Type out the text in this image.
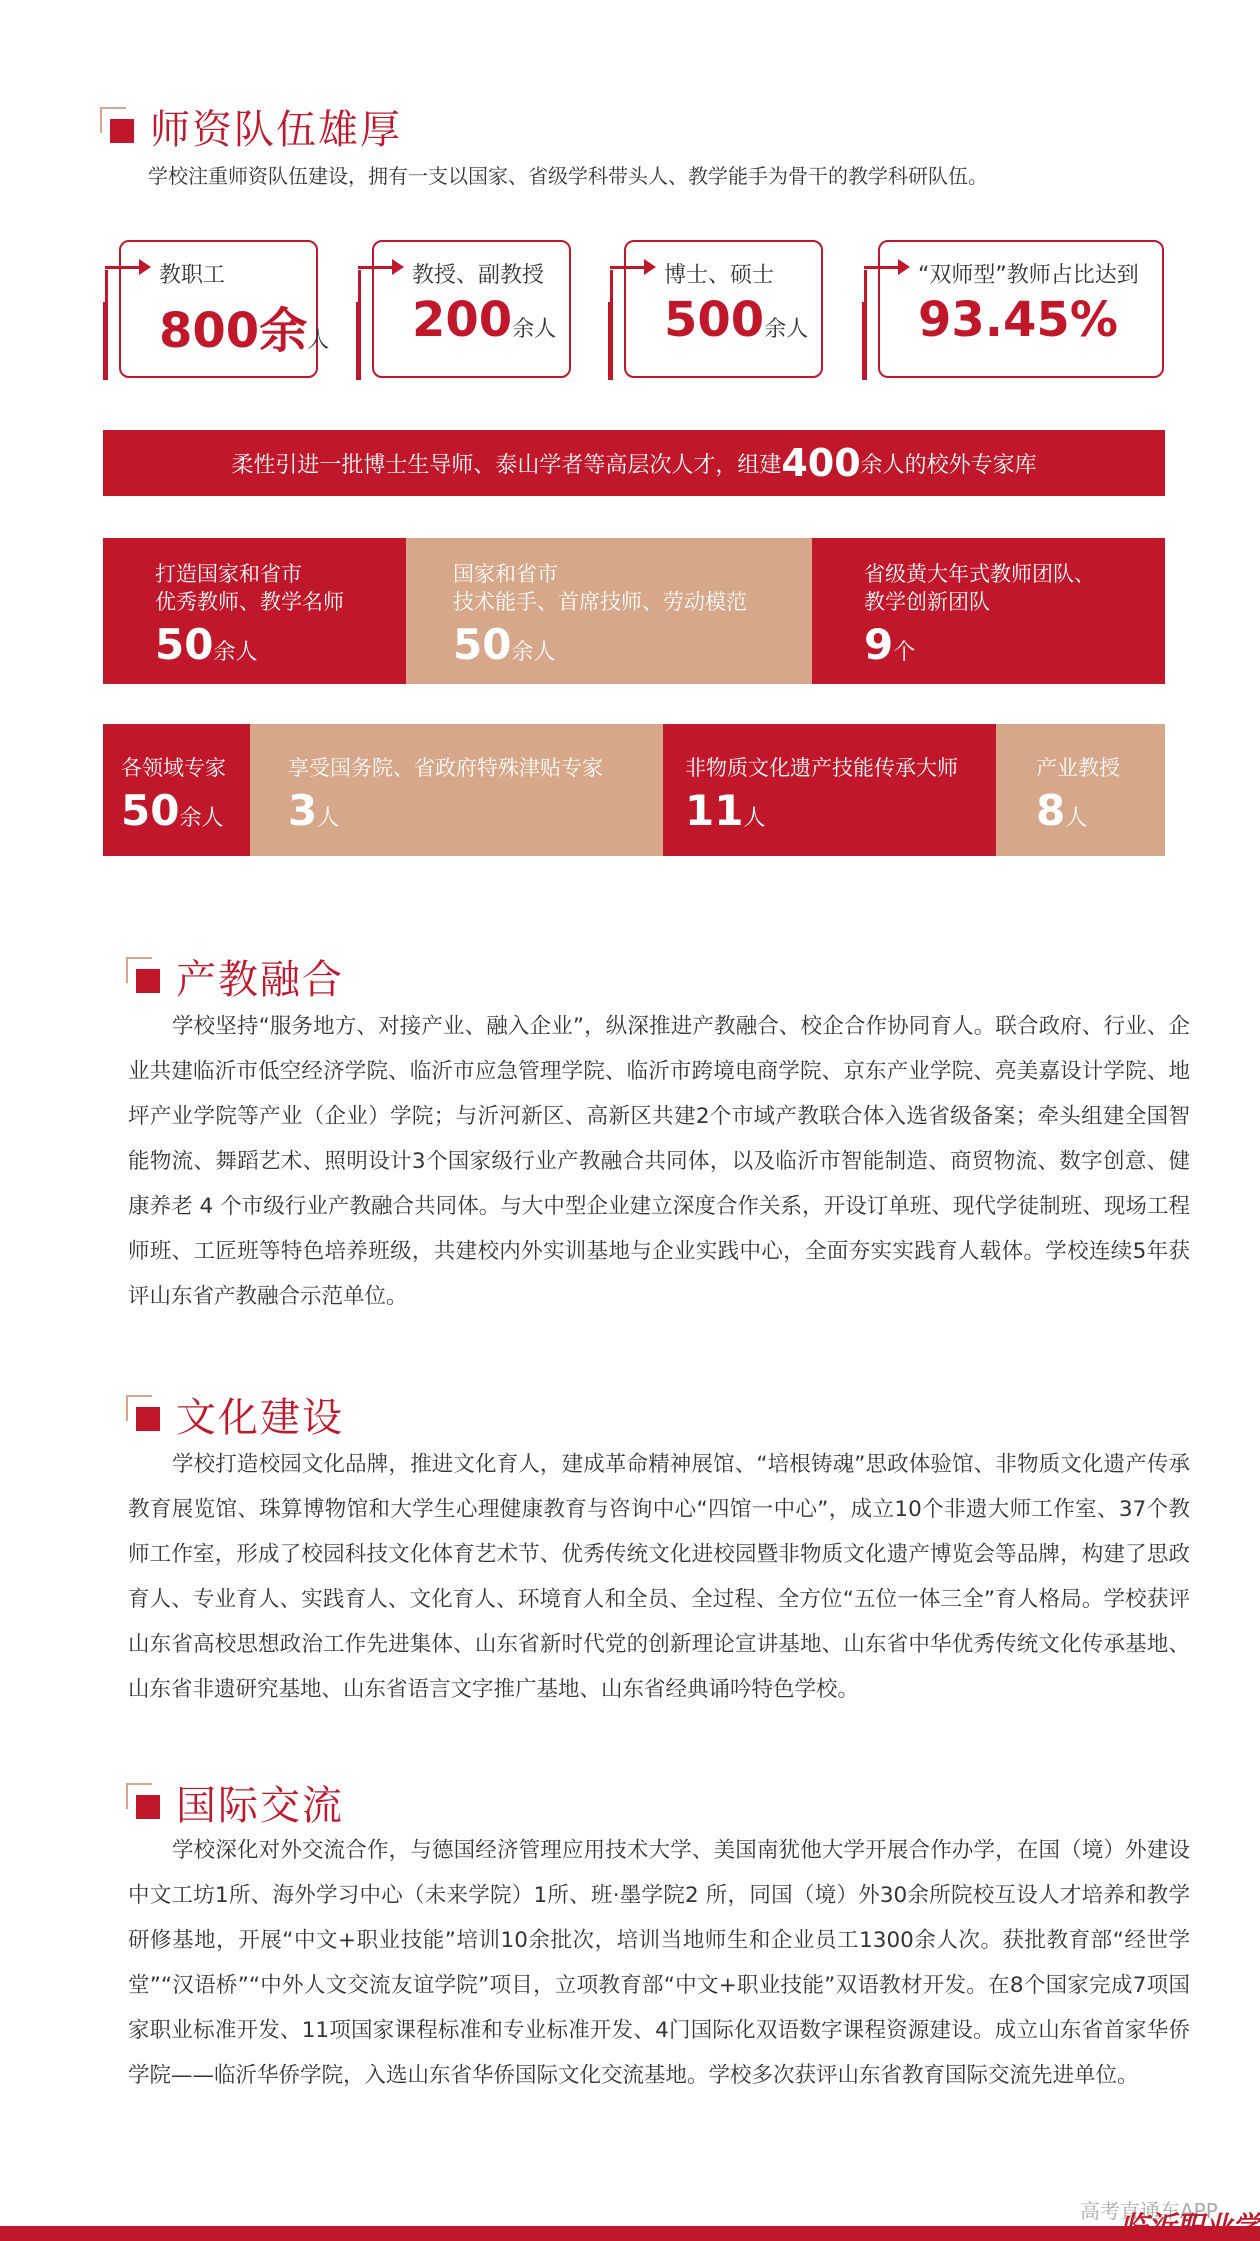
师资队伍雄厚
学校注重师资队伍建设，拥有一支以国家、省级学科带头人、教学能手为骨干的教学科研队伍。
教职工
800余人
教授、副教授
200余人
博士、硕士
500余人
“双师型”教师占比达到
93.45%
柔性引进一批博士生导师、泰山学者等高层次人才，组建 400 余人的校外专家库
打造国家和省市
优秀教师、教学名师
50余人
国家和省市
技术能手、首席技师、劳动模范
50余人
省级黄大年式教师团队、
教学创新团队
9个
各领域专家
50余人
享受国务院、省政府特殊津贴专家
3人
非物质文化遗产技能传承大师
11人
产业教授
8人
产教融合
学校坚持“服务地方、对接产业、融入企业”，纵深推进产教融合、校企合作协同育人。联合政府、行业、企业共建临沂市低空经济学院、临沂市应急管理学院、临沂市跨境电商学院、京东产业学院、亮美嘉设计学院、地坪产业学院等产业（企业）学院；与沂河新区、高新区共建2个市域产教联合体入选省级备案；牵头组建全国智能物流、舞蹈艺术、照明设计3个国家级行业产教融合共同体，以及临沂市智能制造、商贸物流、数字创意、健康养老 4 个市级行业产教融合共同体。与大中型企业建立深度合作关系，开设订单班、现代学徒制班、现场工程师班、工匠班等特色培养班级，共建校内外实训基地与企业实践中心，全面夯实实践育人载体。学校连续5年获评山东省产教融合示范单位。
文化建设
学校打造校园文化品牌，推进文化育人，建成革命精神展馆、“培根铸魂”思政体验馆、非物质文化遗产传承教育展览馆、珠算博物馆和大学生心理健康教育与咨询中心“四馆一中心”，成立10个非遗大师工作室、37个教师工作室，形成了校园科技文化体育艺术节、优秀传统文化进校园暨非物质文化遗产博览会等品牌，构建了思政育人、专业育人、实践育人、文化育人、环境育人和全员、全过程、全方位“五位一体三全”育人格局。学校获评山东省高校思想政治工作先进集体、山东省新时代党的创新理论宣讲基地、山东省中华优秀传统文化传承基地、山东省非遗研究基地、山东省语言文字推广基地、山东省经典诵吟特色学校。
国际交流
学校深化对外交流合作，与德国经济管理应用技术大学、美国南犹他大学开展合作办学，在国（境）外建设中文工坊1所、海外学习中心（未来学院）1所、班·墨学院2 所，同国（境）外30余所院校互设人才培养和教学研修基地，开展“中文+职业技能”培训10余批次，培训当地师生和企业员工1300余人次。获批教育部“经世学堂”“汉语桥”“中外人文交流友谊学院”项目，立项教育部“中文+职业技能”双语教材开发。在8个国家完成7项国家职业标准开发、11项国家课程标准和专业标准开发、4门国际化双语数字课程资源建设。成立山东省首家华侨学院——临沂华侨学院，入选山东省华侨国际文化交流基地。学校多次获评山东省教育国际交流先进单位。
高考直通车APP
